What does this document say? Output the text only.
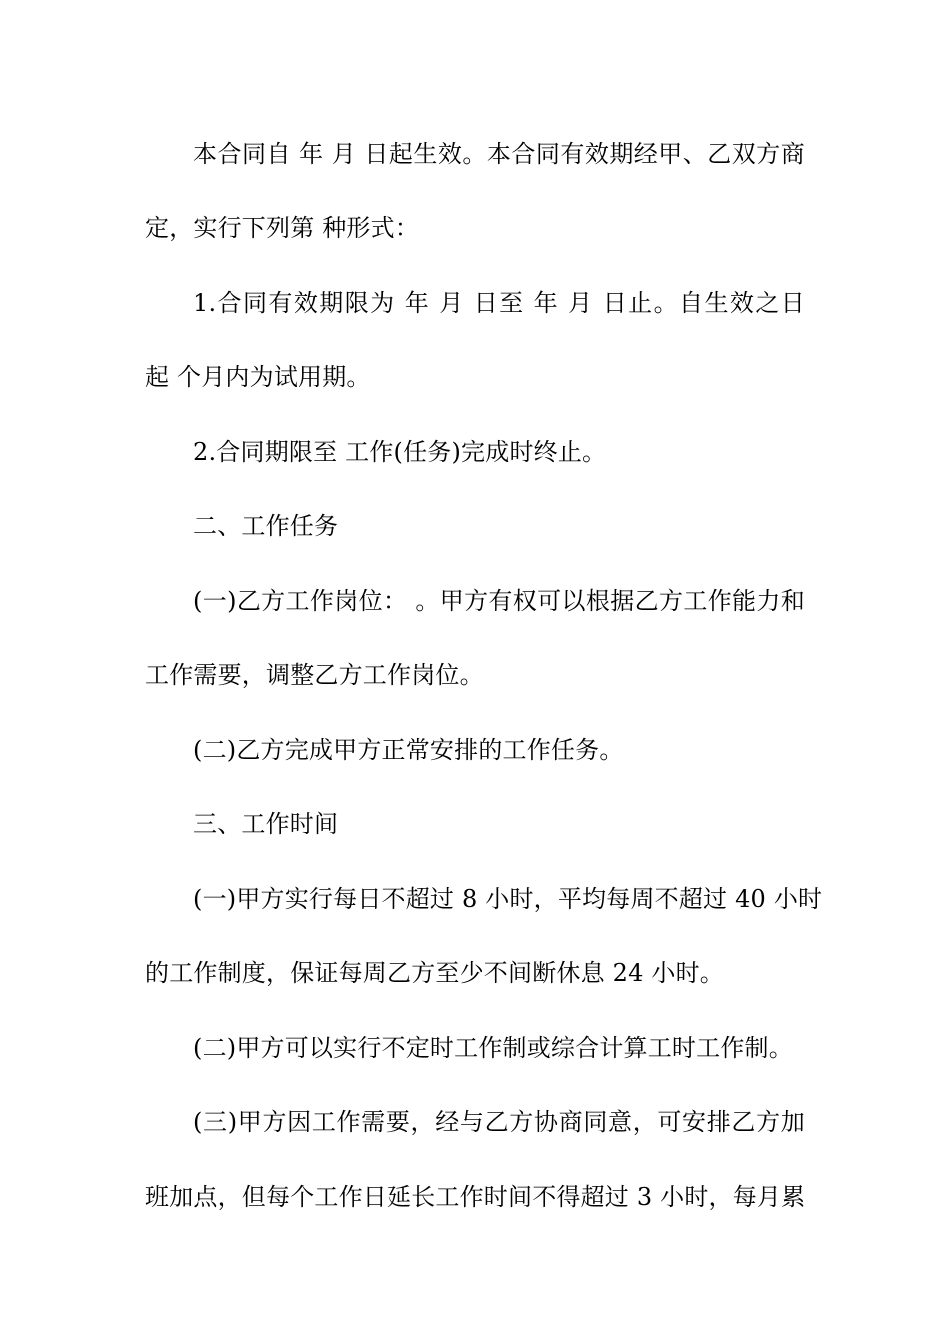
本合同自 年 月 日起生效。本合同有效期经甲、乙双方商
定，实行下列第 种形式：
1.合同有效期限为 年 月 日至 年 月 日止。自生效之日
起 个月内为试用期。
2.合同期限至 工作(任务)完成时终止。
二、工作任务
(一)乙方工作岗位： 。甲方有权可以根据乙方工作能力和
工作需要，调整乙方工作岗位。
(二)乙方完成甲方正常安排的工作任务。
三、工作时间
(一)甲方实行每日不超过 8 小时，平均每周不超过 40 小时
的工作制度，保证每周乙方至少不间断休息 24 小时。
(二)甲方可以实行不定时工作制或综合计算工时工作制。
(三)甲方因工作需要，经与乙方协商同意，可安排乙方加
班加点，但每个工作日延长工作时间不得超过 3 小时，每月累
